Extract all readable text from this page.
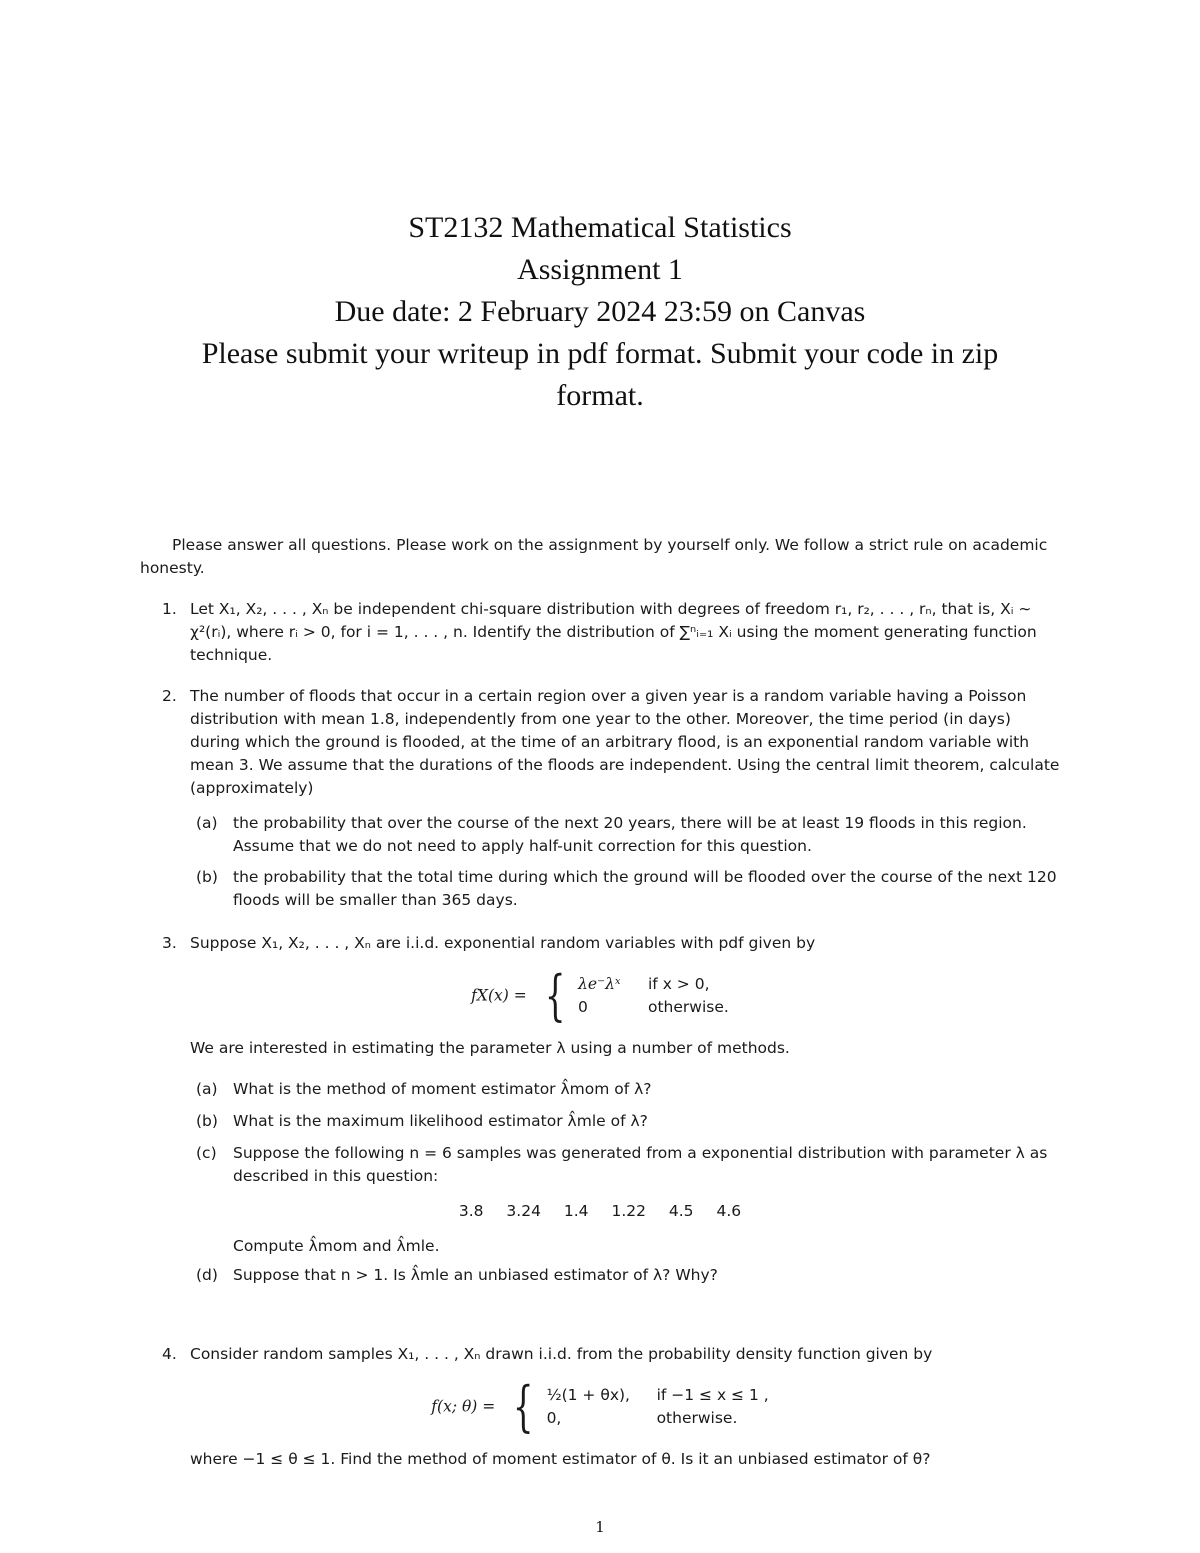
ST2132 Mathematical Statistics
Assignment 1
Due date: 2 February 2024 23:59 on Canvas
Please submit your writeup in pdf format. Submit your code in zip
format.
Please answer all questions. Please work on the assignment by yourself only. We follow a strict rule on academic honesty.
1. Let X₁, X₂, . . . , Xₙ be independent chi-square distribution with degrees of freedom r₁, r₂, . . . , rₙ, that is, Xᵢ ∼ χ²(rᵢ), where rᵢ > 0, for i = 1, . . . , n. Identify the distribution of ∑ⁿᵢ₌₁ Xᵢ using the moment generating function technique.
2. The number of floods that occur in a certain region over a given year is a random variable having a Poisson distribution with mean 1.8, independently from one year to the other. Moreover, the time period (in days) during which the ground is flooded, at the time of an arbitrary flood, is an exponential random variable with mean 3. We assume that the durations of the floods are independent. Using the central limit theorem, calculate (approximately)
(a) the probability that over the course of the next 20 years, there will be at least 19 floods in this region. Assume that we do not need to apply half-unit correction for this question.
(b) the probability that the total time during which the ground will be flooded over the course of the next 120 floods will be smaller than 365 days.
3. Suppose X₁, X₂, . . . , Xₙ are i.i.d. exponential random variables with pdf given by
fX(x) = { λe⁻λˣ	if x > 0,
0	otherwise.
We are interested in estimating the parameter λ using a number of methods.
(a) What is the method of moment estimator λ̂mom of λ?
(b) What is the maximum likelihood estimator λ̂mle of λ?
(c) Suppose the following n = 6 samples was generated from a exponential distribution with parameter λ as described in this question:
3.8 3.24 1.4 1.22 4.5 4.6
Compute λ̂mom and λ̂mle.
(d) Suppose that n > 1. Is λ̂mle an unbiased estimator of λ? Why?
4. Consider random samples X₁, . . . , Xₙ drawn i.i.d. from the probability density function given by
f(x; θ) = { ½(1 + θx),	if −1 ≤ x ≤ 1 ,
0,	otherwise.
where −1 ≤ θ ≤ 1. Find the method of moment estimator of θ. Is it an unbiased estimator of θ?
1
